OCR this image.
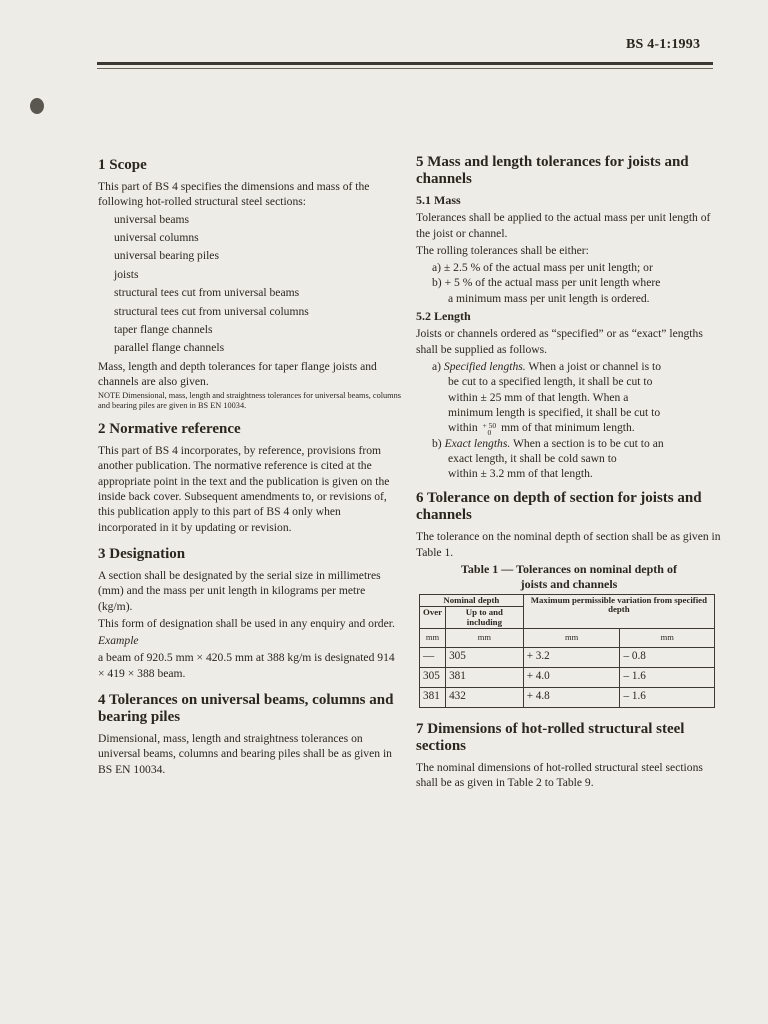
BS 4-1:1993
1 Scope

This part of BS 4 specifies the dimensions and mass of the following hot-rolled structural steel sections:

universal beams
universal columns
universal bearing piles
joists
structural tees cut from universal beams
structural tees cut from universal columns
taper flange channels
parallel flange channels

Mass, length and depth tolerances for taper flange joists and channels are also given.

NOTE Dimensional, mass, length and straightness tolerances for universal beams, columns and bearing piles are given in BS EN 10034.
2 Normative reference

This part of BS 4 incorporates, by reference, provisions from another publication. The normative reference is cited at the appropriate point in the text and the publication is given on the inside back cover. Subsequent amendments to, or revisions of, this publication apply to this part of BS 4 only when incorporated in it by updating or revision.

3 Designation

A section shall be designated by the serial size in millimetres (mm) and the mass per unit length in kilograms per metre (kg/m).

This form of designation shall be used in any enquiry and order.

Example

a beam of 920.5 mm × 420.5 mm at 388 kg/m is designated 914 × 419 × 388 beam.

4 Tolerances on universal beams, columns and bearing piles

Dimensional, mass, length and straightness tolerances on universal beams, columns and bearing piles shall be as given in BS EN 10034.

5 Mass and length tolerances for joists and channels
5.1 Mass

Tolerances shall be applied to the actual mass per unit length of the joist or channel.

The rolling tolerances shall be either:

a) ± 2.5 % of the actual mass per unit length; or
b) + 5 % of the actual mass per unit length where
a minimum mass per unit length is ordered.
5.2 Length

Joists or channels ordered as “specified” or as “exact” lengths shall be supplied as follows.

a) Specified lengths. When a joist or channel is to
be cut to a specified length, it shall be cut to
within ± 25 mm of that length. When a
minimum length is specified, it shall be cut to
within + 50
0 mm of that minimum length.
b) Exact lengths. When a section is to be cut to an
exact length, it shall be cold sawn to
within ± 3.2 mm of that length.
6 Tolerance on depth of section for joists and channels

The tolerance on the nominal depth of section shall be as given in Table 1.

Table 1 — Tolerances on nominal depth of
joists and channels
Nominal depth		Maximum permissible variation from specified depth	
Over	Up to and including		
mm	mm	mm	mm
—	305	+ 3.2	– 0.8
305	381	+ 4.0	– 1.6
381	432	+ 4.8	– 1.6
7 Dimensions of hot-rolled structural steel sections

The nominal dimensions of hot-rolled structural steel sections shall be as given in Table 2 to Table 9.
